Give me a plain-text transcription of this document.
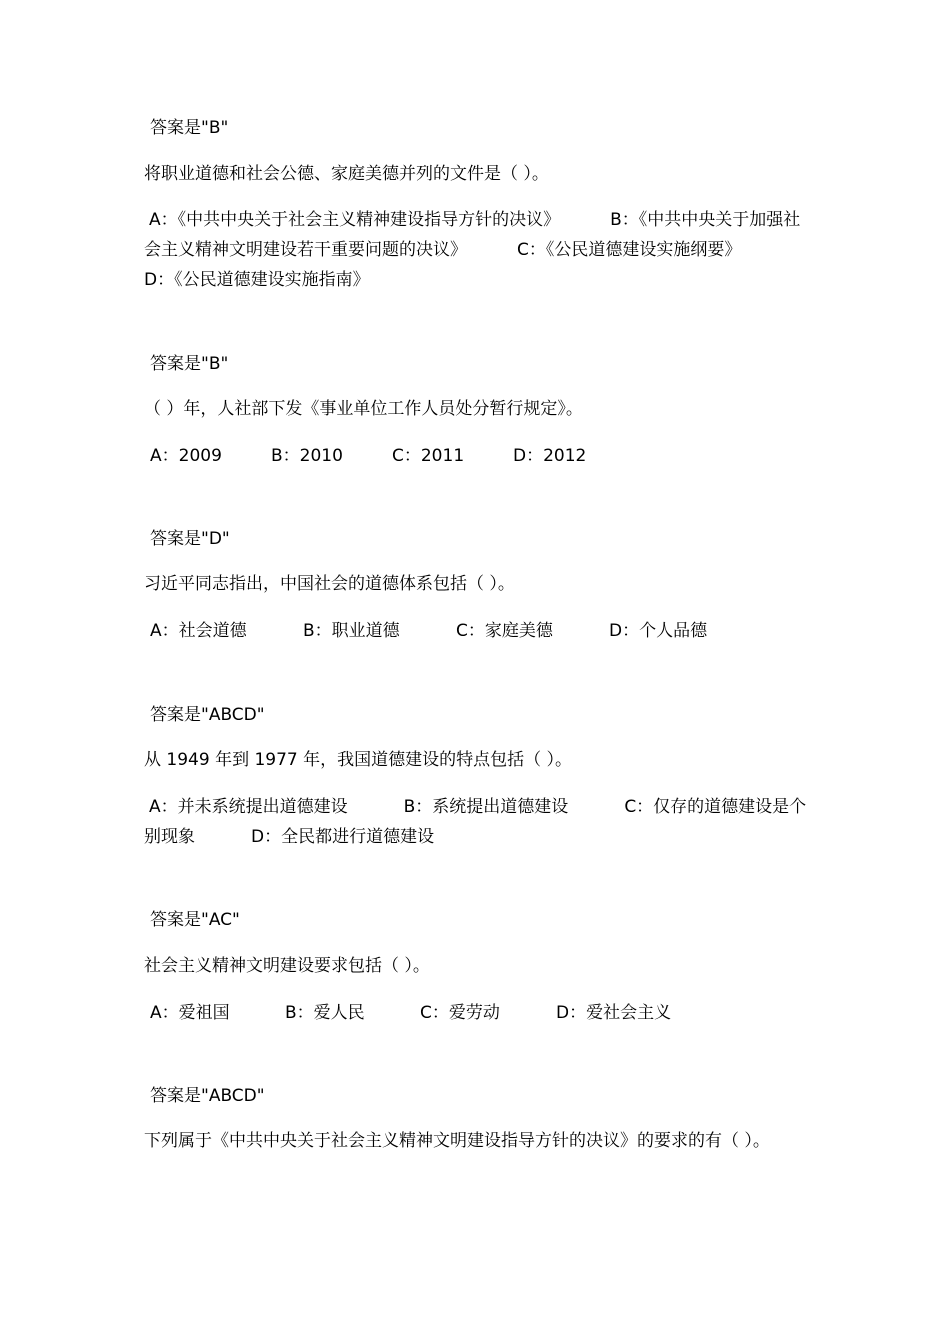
答案是"B"
将职业道德和社会公德、家庭美德并列的文件是（ ）。
A：《中共中央关于社会主义精神建设指导方针的决议》	B：《中共中央关于加强社会主义精神文明建设若干重要问题的决议》	C：《公民道德建设实施纲要》 D：《公民道德建设实施指南》
答案是"B"
（ ）年，人社部下发《事业单位工作人员处分暂行规定》。
A：2009	B：2010	C：2011	D：2012
答案是"D"
习近平同志指出，中国社会的道德体系包括（ ）。
A：社会道德	B：职业道德	C：家庭美德	D：个人品德
答案是"ABCD"
从 1949 年到 1977 年，我国道德建设的特点包括（ ）。
A：并未系统提出道德建设	B：系统提出道德建设	C：仅存的道德建设是个别现象	D：全民都进行道德建设
答案是"AC"
社会主义精神文明建设要求包括（ ）。
A：爱祖国	B：爱人民	C：爱劳动	D：爱社会主义
答案是"ABCD"
下列属于《中共中央关于社会主义精神文明建设指导方针的决议》的要求的有（ ）。
